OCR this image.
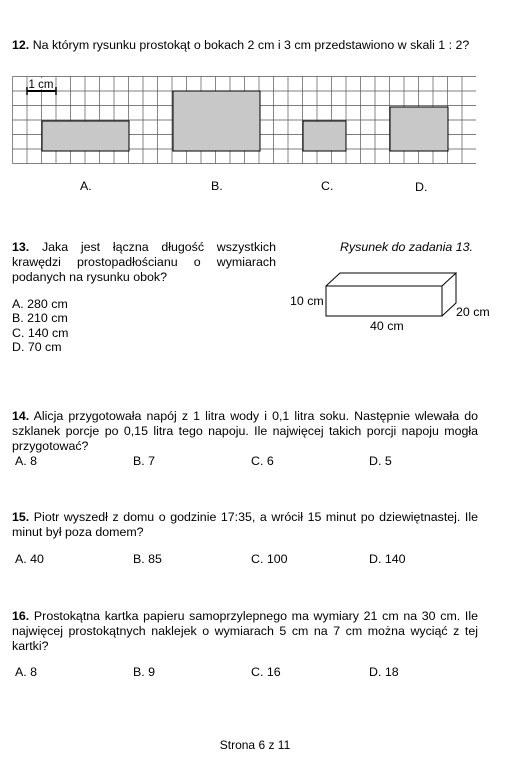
12. Na którym rysunku prostokąt o bokach 2 cm i 3 cm przedstawiono w skali 1 : 2?
1 cm
A.	B.	C.	D.
13. Jaka jest łączna długość wszystkich krawędzi prostopadłościanu o wymiarach podanych na rysunku obok?
Rysunek do zadania 13.
10 cm
40 cm
20 cm
A. 280 cm
B. 210 cm
C. 140 cm
D. 70 cm
14. Alicja przygotowała napój z 1 litra wody i 0,1 litra soku. Następnie wlewała do szklanek porcje po 0,15 litra tego napoju. Ile najwięcej takich porcji napoju mogła przygotować?
A. 8	B. 7	C. 6	D. 5
15. Piotr wyszedł z domu o godzinie 17:35, a wrócił 15 minut po dziewiętnastej. Ile minut był poza domem?
A. 40	B. 85	C. 100	D. 140
16. Prostokątna kartka papieru samoprzylepnego ma wymiary 21 cm na 30 cm. Ile najwięcej prostokątnych naklejek o wymiarach 5 cm na 7 cm można wyciąć z tej kartki?
A. 8	B. 9	C. 16	D. 18
Strona 6 z 11
